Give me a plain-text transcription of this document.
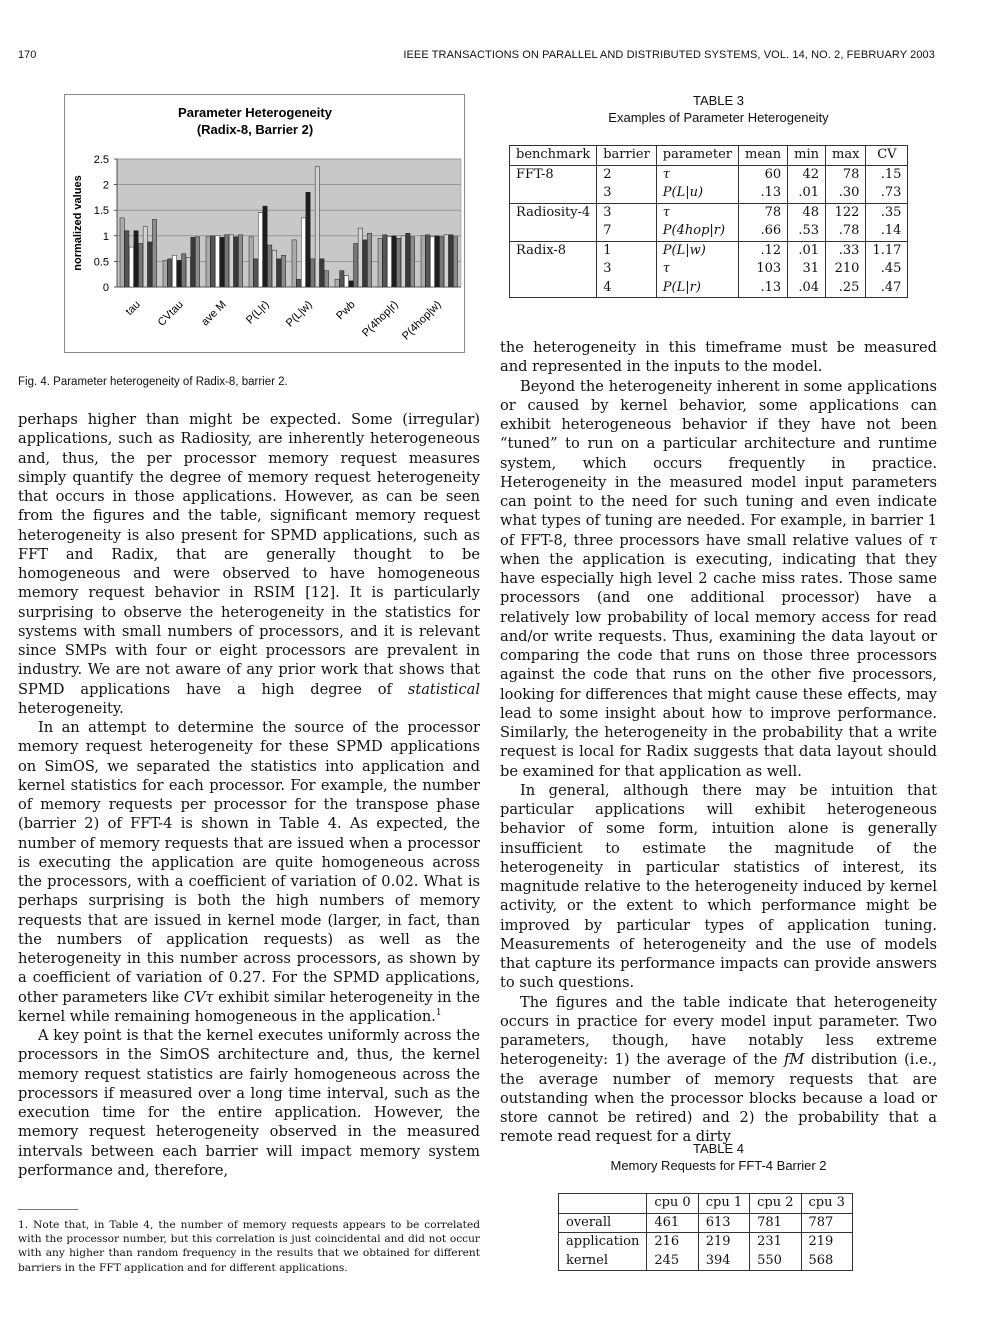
170	IEEE TRANSACTIONS ON PARALLEL AND DISTRIBUTED SYSTEMS, VOL. 14, NO. 2, FEBRUARY 2003
0
0.5
1
1.5
2
2.5
tau CVtau ave M P(L|r) P(L|w) Pwb P(4hop|r) P(4hop|w)
Parameter Heterogeneity
(Radix-8, Barrier 2)
normalized values
Fig. 4. Parameter heterogeneity of Radix-8, barrier 2.
TABLE 3
Examples of Parameter Heterogeneity
benchmark	barrier	parameter	mean	min	max	CV
FFT-8	2	τ	60	42	78	.15
	3	P(L|u)	.13	.01	.30	.73
Radiosity-4	3	τ	78	48	122	.35
	7	P(4hop|r)	.66	.53	.78	.14
Radix-8	1	P(L|w)	.12	.01	.33	1.17
	3	τ	103	31	210	.45
	4	P(L|r)	.13	.04	.25	.47

perhaps higher than might be expected. Some (irregular) applications, such as Radiosity, are inherently heterogeneous and, thus, the per processor memory request measures simply quantify the degree of memory request heterogeneity that occurs in those applications. However, as can be seen from the figures and the table, significant memory request heterogeneity is also present for SPMD applications, such as FFT and Radix, that are generally thought to be homogeneous and were observed to have homogeneous memory request behavior in RSIM [12]. It is particularly surprising to observe the heterogeneity in the statistics for systems with small numbers of processors, and it is relevant since SMPs with four or eight processors are prevalent in industry. We are not aware of any prior work that shows that SPMD applications have a high degree of statistical heterogeneity.

In an attempt to determine the source of the processor memory request heterogeneity for these SPMD applications on SimOS, we separated the statistics into application and kernel statistics for each processor. For example, the number of memory requests per processor for the transpose phase (barrier 2) of FFT-4 is shown in Table 4. As expected, the number of memory requests that are issued when a processor is executing the application are quite homogeneous across the processors, with a coefficient of variation of 0.02. What is perhaps surprising is both the high numbers of memory requests that are issued in kernel mode (larger, in fact, than the numbers of application requests) as well as the heterogeneity in this number across processors, as shown by a coefficient of variation of 0.27. For the SPMD applications, other parameters like CVτ exhibit similar heterogeneity in the kernel while remaining homogeneous in the application.$^1$

A key point is that the kernel executes uniformly across the processors in the SimOS architecture and, thus, the kernel memory request statistics are fairly homogeneous across the processors if measured over a long time interval, such as the execution time for the entire application. However, the memory request heterogeneity observed in the measured intervals between each barrier will impact memory system performance and, therefore,

1. Note that, in Table 4, the number of memory requests appears to be correlated with the processor number, but this correlation is just coincidental and did not occur with any higher than random frequency in the results that we obtained for different barriers in the FFT application and for different applications.

the heterogeneity in this timeframe must be measured and represented in the inputs to the model.

Beyond the heterogeneity inherent in some applications or caused by kernel behavior, some applications can exhibit heterogeneous behavior if they have not been “tuned” to run on a particular architecture and runtime system, which occurs frequently in practice. Heterogeneity in the measured model input parameters can point to the need for such tuning and even indicate what types of tuning are needed. For example, in barrier 1 of FFT-8, three processors have small relative values of τ when the application is executing, indicating that they have especially high level 2 cache miss rates. Those same processors (and one additional processor) have a relatively low probability of local memory access for read and/or write requests. Thus, examining the data layout or comparing the code that runs on those three processors against the code that runs on the other five processors, looking for differences that might cause these effects, may lead to some insight about how to improve performance. Similarly, the heterogeneity in the probability that a write request is local for Radix suggests that data layout should be examined for that application as well.

In general, although there may be intuition that particular applications will exhibit heterogeneous behavior of some form, intuition alone is generally insufficient to estimate the magnitude of the heterogeneity in particular statistics of interest, its magnitude relative to the heterogeneity induced by kernel activity, or the extent to which performance might be improved by particular types of application tuning. Measurements of heterogeneity and the use of models that capture its performance impacts can provide answers to such questions.

The figures and the table indicate that heterogeneity occurs in practice for every model input parameter. Two parameters, though, have notably less extreme heterogeneity: 1) the average of the fM distribution (i.e., the average number of memory requests that are outstanding when the processor blocks because a load or store cannot be retired) and 2) the probability that a remote read request for a dirty

TABLE 4
Memory Requests for FFT-4 Barrier 2
	cpu 0	cpu 1	cpu 2	cpu 3
overall	461	613	781	787
application	216	219	231	219
kernel	245	394	550	568
